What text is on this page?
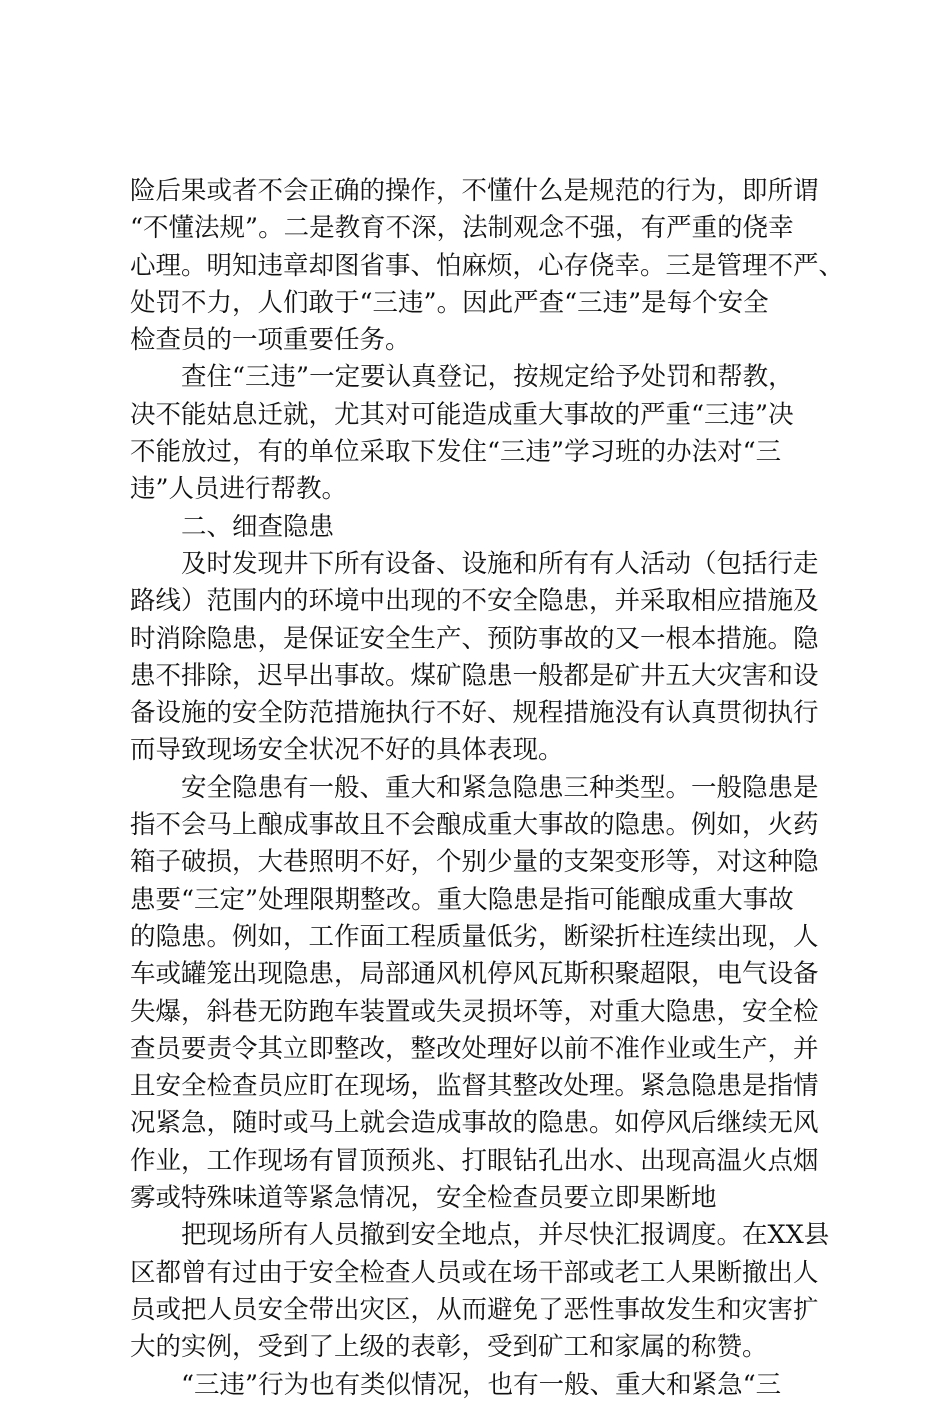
险后果或者不会正确的操作，不懂什么是规范的行为，即所谓
“不懂法规”。二是教育不深，法制观念不强，有严重的侥幸
心理。明知违章却图省事、怕麻烦，心存侥幸。三是管理不严、
处罚不力，人们敢于“三违”。因此严查“三违”是每个安全
检查员的一项重要任务。
查住“三违”一定要认真登记，按规定给予处罚和帮教，
决不能姑息迁就，尤其对可能造成重大事故的严重“三违”决
不能放过，有的单位采取下发住“三违”学习班的办法对“三
违”人员进行帮教。
二、细查隐患
及时发现井下所有设备、设施和所有有人活动（包括行走
路线）范围内的环境中出现的不安全隐患，并采取相应措施及
时消除隐患，是保证安全生产、预防事故的又一根本措施。隐
患不排除，迟早出事故。煤矿隐患一般都是矿井五大灾害和设
备设施的安全防范措施执行不好、规程措施没有认真贯彻执行
而导致现场安全状况不好的具体表现。
安全隐患有一般、重大和紧急隐患三种类型。一般隐患是
指不会马上酿成事故且不会酿成重大事故的隐患。例如，火药
箱子破损，大巷照明不好，个别少量的支架变形等，对这种隐
患要“三定”处理限期整改。重大隐患是指可能酿成重大事故
的隐患。例如，工作面工程质量低劣，断梁折柱连续出现，人
车或罐笼出现隐患，局部通风机停风瓦斯积聚超限，电气设备
失爆，斜巷无防跑车装置或失灵损坏等，对重大隐患，安全检
查员要责令其立即整改，整改处理好以前不准作业或生产，并
且安全检查员应盯在现场，监督其整改处理。紧急隐患是指情
况紧急，随时或马上就会造成事故的隐患。如停风后继续无风
作业，工作现场有冒顶预兆、打眼钻孔出水、出现高温火点烟
雾或特殊味道等紧急情况，安全检查员要立即果断地
把现场所有人员撤到安全地点，并尽快汇报调度。在XX县
区都曾有过由于安全检查人员或在场干部或老工人果断撤出人
员或把人员安全带出灾区，从而避免了恶性事故发生和灾害扩
大的实例，受到了上级的表彰，受到矿工和家属的称赞。
“三违”行为也有类似情况，也有一般、重大和紧急“三
